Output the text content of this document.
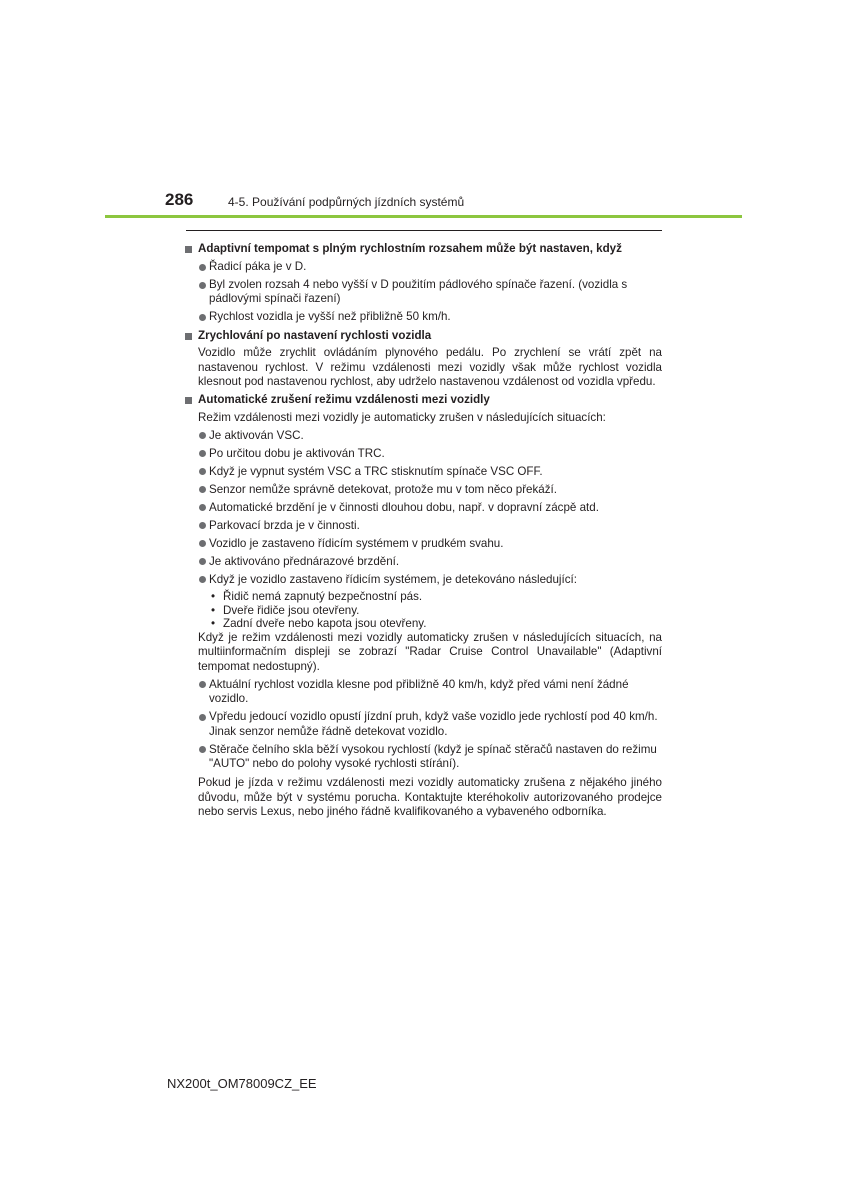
286	4-5. Používání podpůrných jízdních systémů
Adaptivní tempomat s plným rychlostním rozsahem může být nastaven, když
Řadicí páka je v D.
Byl zvolen rozsah 4 nebo vyšší v D použitím pádlového spínače řazení. (vozidla s pádlovými spínači řazení)
Rychlost vozidla je vyšší než přibližně 50 km/h.
Zrychlování po nastavení rychlosti vozidla
Vozidlo může zrychlit ovládáním plynového pedálu. Po zrychlení se vrátí zpět na nastavenou rychlost. V režimu vzdálenosti mezi vozidly však může rychlost vozidla klesnout pod nastavenou rychlost, aby udrželo nastavenou vzdálenost od vozidla vpředu.
Automatické zrušení režimu vzdálenosti mezi vozidly
Režim vzdálenosti mezi vozidly je automaticky zrušen v následujících situacích:
Je aktivován VSC.
Po určitou dobu je aktivován TRC.
Když je vypnut systém VSC a TRC stisknutím spínače VSC OFF.
Senzor nemůže správně detekovat, protože mu v tom něco překáží.
Automatické brzdění je v činnosti dlouhou dobu, např. v dopravní zácpě atd.
Parkovací brzda je v činnosti.
Vozidlo je zastaveno řídicím systémem v prudkém svahu.
Je aktivováno přednárazové brzdění.
Když je vozidlo zastaveno řídicím systémem, je detekováno následující:
• Řidič nemá zapnutý bezpečnostní pás.
• Dveře řidiče jsou otevřeny.
• Zadní dveře nebo kapota jsou otevřeny.
Když je režim vzdálenosti mezi vozidly automaticky zrušen v následujících situacích, na multiinformačním displeji se zobrazí "Radar Cruise Control Unavailable" (Adaptivní tempomat nedostupný).
Aktuální rychlost vozidla klesne pod přibližně 40 km/h, když před vámi není žádné vozidlo.
Vpředu jedoucí vozidlo opustí jízdní pruh, když vaše vozidlo jede rychlostí pod 40 km/h. Jinak senzor nemůže řádně detekovat vozidlo.
Stěrače čelního skla běží vysokou rychlostí (když je spínač stěračů nastaven do režimu "AUTO" nebo do polohy vysoké rychlosti stírání).
Pokud je jízda v režimu vzdálenosti mezi vozidly automaticky zrušena z nějakého jiného důvodu, může být v systému porucha. Kontaktujte kteréhokoliv autorizovaného prodejce nebo servis Lexus, nebo jiného řádně kvalifikovaného a vybaveného odborníka.
NX200t_OM78009CZ_EE
